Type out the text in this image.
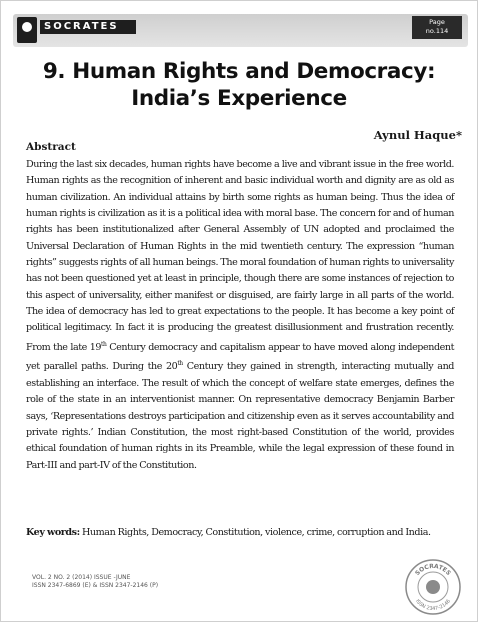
SOCRATES	Page
no.114
9. Human Rights and Democracy:
India’s Experience
Aynul Haque*
Abstract
During the last six decades, human rights have become a live and vibrant issue in the free world. Human rights as the recognition of inherent and basic individual worth and dignity are as old as human civilization. An individual attains by birth some rights as human being. Thus the idea of human rights is civilization as it is a political idea with moral base. The concern for and of human rights has been institutionalized after General Assembly of UN adopted and proclaimed the Universal Declaration of Human Rights in the mid twentieth century. The expression “human rights” suggests rights of all human beings. The moral foundation of human rights to universality has not been questioned yet at least in principle, though there are some instances of rejection to this aspect of universality, either manifest or disguised, are fairly large in all parts of the world. The idea of democracy has led to great expectations to the people. It has become a key point of political legitimacy. In fact it is producing the greatest disillusionment and frustration recently. From the late 19th Century democracy and capitalism appear to have moved along independent yet parallel paths. During the 20th Century they gained in strength, interacting mutually and establishing an interface. The result of which the concept of welfare state emerges, defines the role of the state in an interventionist manner. On representative democracy Benjamin Barber says, ‘Representations destroys participation and citizenship even as it serves accountability and private rights.’ Indian Constitution, the most right-based Constitution of the world, provides ethical foundation of human rights in its Preamble, while the legal expression of these found in Part-III and part-IV of the Constitution.
Key words: Human Rights, Democracy, Constitution, violence, crime, corruption and India.
VOL. 2 NO. 2 (2014) ISSUE -JUNE
ISSN 2347-6869 (E) & ISSN 2347-2146 (P)
SOCRATES
ISSN 2347-2146
